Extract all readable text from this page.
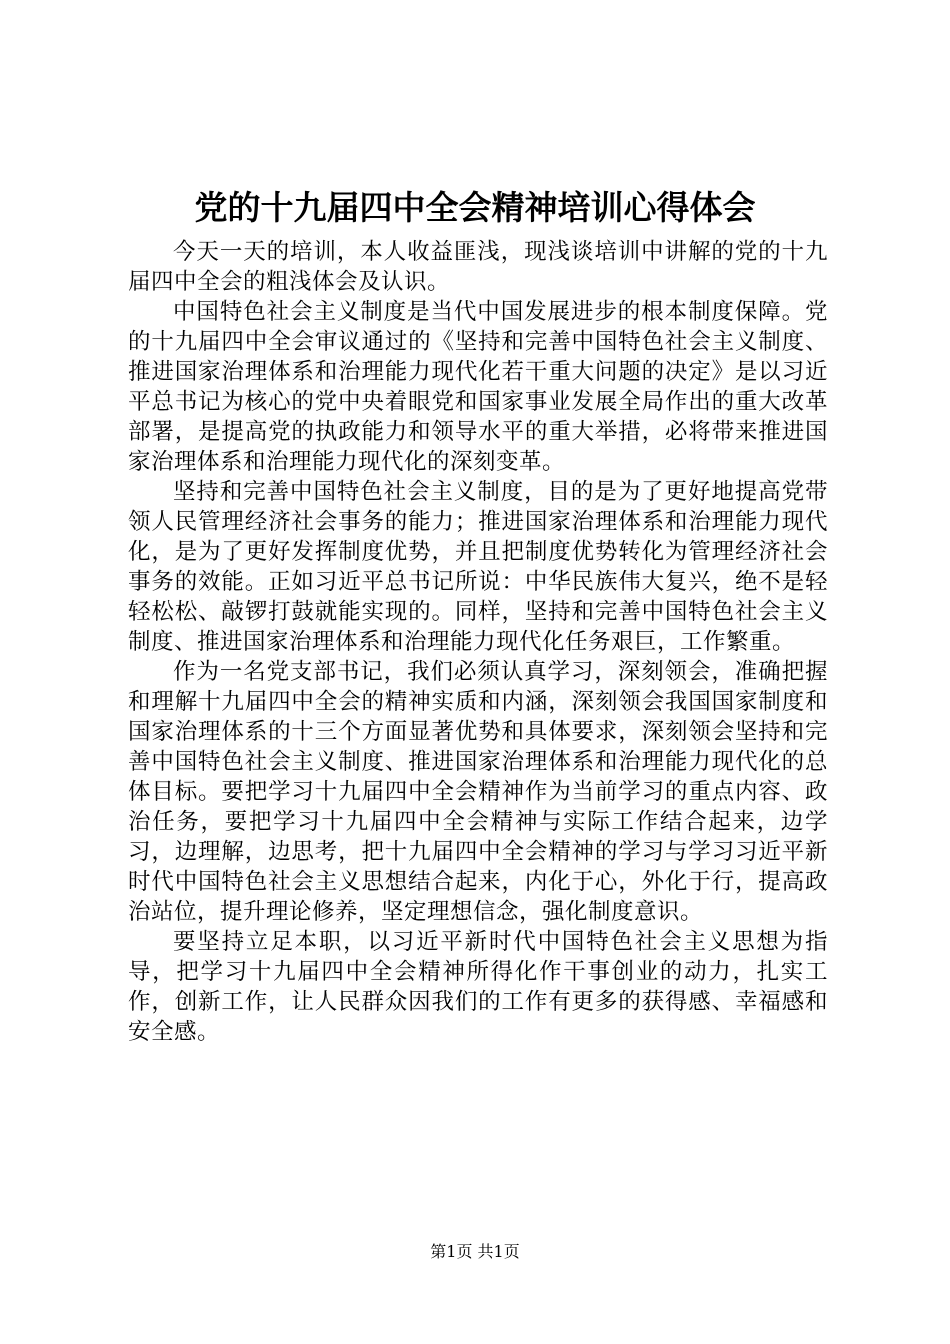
党的十九届四中全会精神培训心得体会

今天一天的培训，本人收益匪浅，现浅谈培训中讲解的党的十九届四中全会的粗浅体会及认识。

中国特色社会主义制度是当代中国发展进步的根本制度保障。党的十九届四中全会审议通过的《坚持和完善中国特色社会主义制度、推进国家治理体系和治理能力现代化若干重大问题的决定》是以习近平总书记为核心的党中央着眼党和国家事业发展全局作出的重大改革部署，是提高党的执政能力和领导水平的重大举措，必将带来推进国家治理体系和治理能力现代化的深刻变革。

坚持和完善中国特色社会主义制度，目的是为了更好地提高党带领人民管理经济社会事务的能力；推进国家治理体系和治理能力现代化，是为了更好发挥制度优势，并且把制度优势转化为管理经济社会事务的效能。正如习近平总书记所说：中华民族伟大复兴，绝不是轻轻松松、敲锣打鼓就能实现的。同样，坚持和完善中国特色社会主义制度、推进国家治理体系和治理能力现代化任务艰巨，工作繁重。

作为一名党支部书记，我们必须认真学习，深刻领会，准确把握和理解十九届四中全会的精神实质和内涵，深刻领会我国国家制度和国家治理体系的十三个方面显著优势和具体要求，深刻领会坚持和完善中国特色社会主义制度、推进国家治理体系和治理能力现代化的总体目标。要把学习十九届四中全会精神作为当前学习的重点内容、政治任务，要把学习十九届四中全会精神与实际工作结合起来，边学习，边理解，边思考，把十九届四中全会精神的学习与学习习近平新时代中国特色社会主义思想结合起来，内化于心，外化于行，提高政治站位，提升理论修养，坚定理想信念，强化制度意识。

要坚持立足本职，以习近平新时代中国特色社会主义思想为指导，把学习十九届四中全会精神所得化作干事创业的动力，扎实工作，创新工作，让人民群众因我们的工作有更多的获得感、幸福感和安全感。

第1页 共1页
